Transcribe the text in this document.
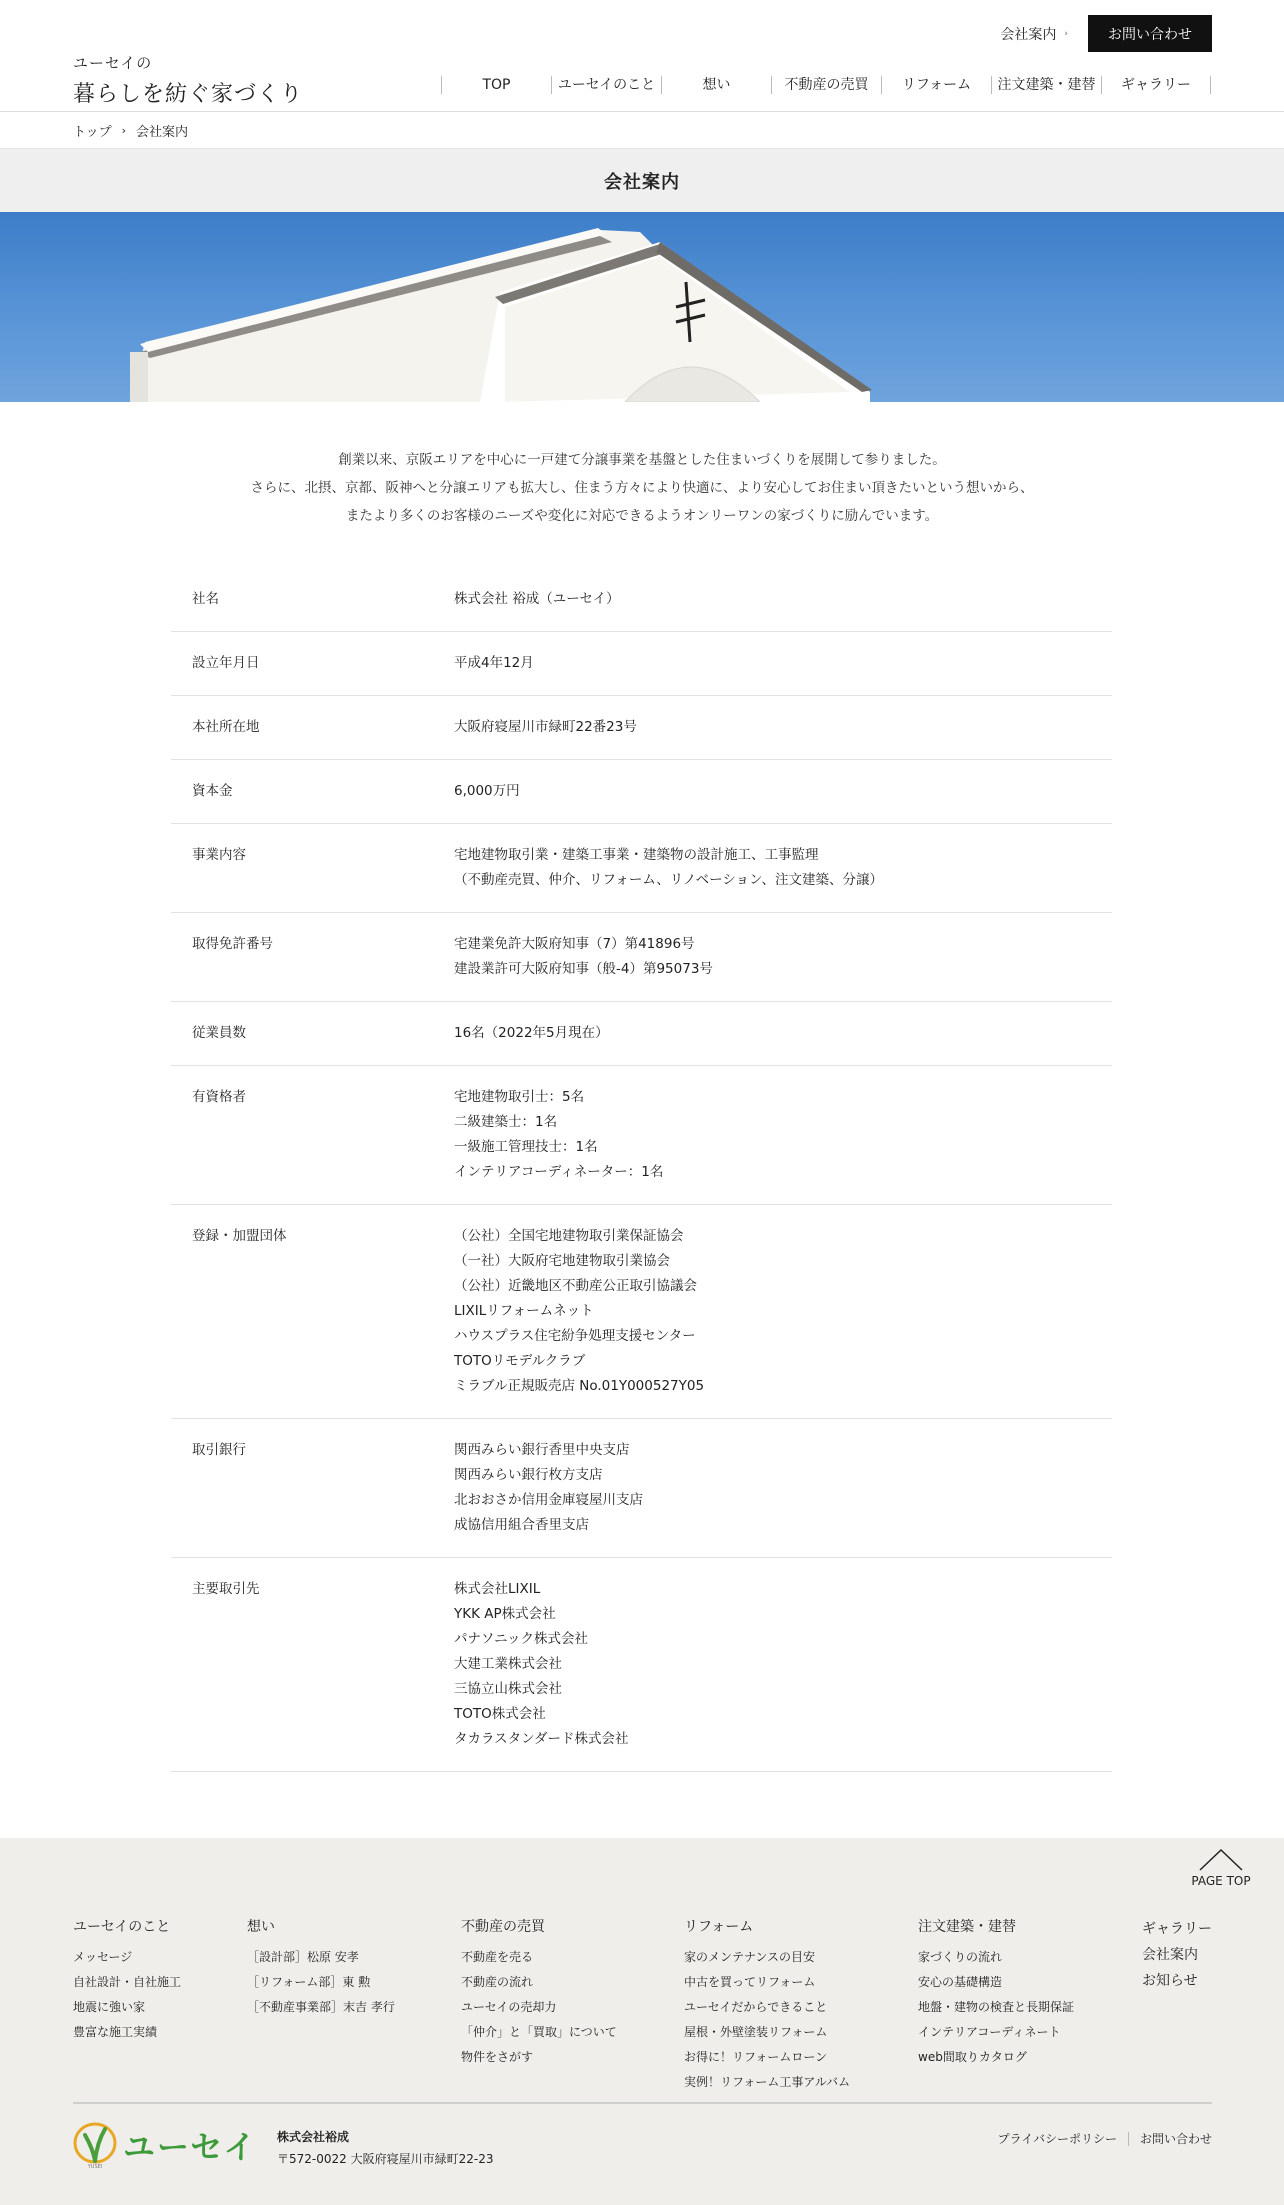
ユーセイの
暮らしを紡ぐ家づくり
会社案内 ›	お問い合わせ
TOP	ユーセイのこと	想い	不動産の売買	リフォーム	注文建築・建替	ギャラリー
トップ › 会社案内
会社案内

創業以来、京阪エリアを中心に一戸建て分譲事業を基盤とした住まいづくりを展開して参りました。

さらに、北摂、京都、阪神へと分譲エリアも拡大し、住まう方々により快適に、より安心してお住まい頂きたいという想いから、

またより多くのお客様のニーズや変化に対応できるようオンリーワンの家づくりに励んでいます。

社名	株式会社 裕成（ユーセイ）
設立年月日	平成4年12月
本社所在地	大阪府寝屋川市緑町22番23号
資本金	6,000万円
事業内容	宅地建物取引業・建築工事業・建築物の設計施工、工事監理
（不動産売買、仲介、リフォーム、リノベーション、注文建築、分譲）
取得免許番号	宅建業免許大阪府知事（7）第41896号
建設業許可大阪府知事（般-4）第95073号
従業員数	16名（2022年5月現在）
有資格者	宅地建物取引士：5名
二級建築士：1名
一級施工管理技士：1名
インテリアコーディネーター：1名
登録・加盟団体	（公社）全国宅地建物取引業保証協会
（一社）大阪府宅地建物取引業協会
（公社）近畿地区不動産公正取引協議会
LIXILリフォームネット
ハウスプラス住宅紛争処理支援センター
TOTOリモデルクラブ
ミラブル正規販売店 No.01Y000527Y05
取引銀行	関西みらい銀行香里中央支店
関西みらい銀行枚方支店
北おおさか信用金庫寝屋川支店
成協信用組合香里支店
主要取引先	株式会社LIXIL
YKK AP株式会社
パナソニック株式会社
大建工業株式会社
三協立山株式会社
TOTO株式会社
タカラスタンダード株式会社
PAGE TOP
ユーセイのこと
メッセージ
自社設計・自社施工
地震に強い家
豊富な施工実績
想い
［設計部］松原 安孝
［リフォーム部］東 勲
［不動産事業部］末吉 孝行
不動産の売買
不動産を売る
不動産の流れ
ユーセイの売却力
「仲介」と「買取」について
物件をさがす
リフォーム
家のメンテナンスの目安
中古を買ってリフォーム
ユーセイだからできること
屋根・外壁塗装リフォーム
お得に！リフォームローン
実例！リフォーム工事アルバム
注文建築・建替
家づくりの流れ
安心の基礎構造
地盤・建物の検査と長期保証
インテリアコーディネート
web間取りカタログ
ギャラリー
会社案内
お知らせ
YUSEI
ユーセイ 株式会社裕成
〒572-0022 大阪府寝屋川市緑町22-23
プライバシーポリシー お問い合わせ
